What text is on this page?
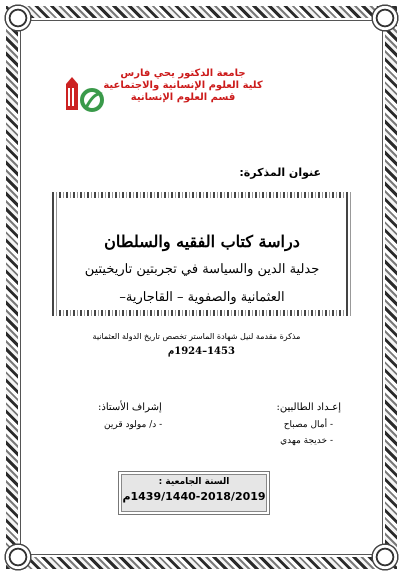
جامعة الدكتور يحي فارس
كلية العلوم الإنسانية والاجتماعية
قسم العلوم الإنسانية
عنوان المذكرة:
دراسة كتاب الفقيه والسلطان
جدلية الدين والسياسة في تجربتين تاريخيتين
العثمانية والصفوية – القاجارية–
مذكرة مقدمة لنيل شهادة الماستر تخصص تاريخ الدولة العثمانية
1453–1924م
إعـداد الطالبين:
- أمال مصباح
- خديجة مهدي
إشراف الأستاذ:
- د/ مولود قرين
السنة الجامعية :
1439/1440-2018/2019م
